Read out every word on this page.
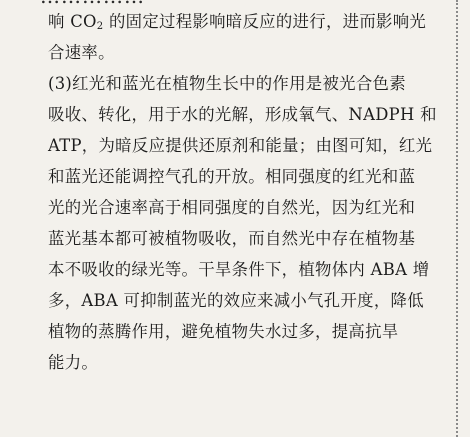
响 $CO_2$ 的固定过程影响暗反应的进行，进而影响光
合速率。
(3)红光和蓝光在植物生长中的作用是被光合色素
吸收、转化，用于水的光解，形成氧气、NADPH 和
ATP，为暗反应提供还原剂和能量；由图可知，红光
和蓝光还能调控气孔的开放。相同强度的红光和蓝
光的光合速率高于相同强度的自然光，因为红光和
蓝光基本都可被植物吸收，而自然光中存在植物基
本不吸收的绿光等。干旱条件下，植物体内 ABA 增
多，ABA 可抑制蓝光的效应来减小气孔开度，降低
植物的蒸腾作用，避免植物失水过多，提高抗旱
能力。
